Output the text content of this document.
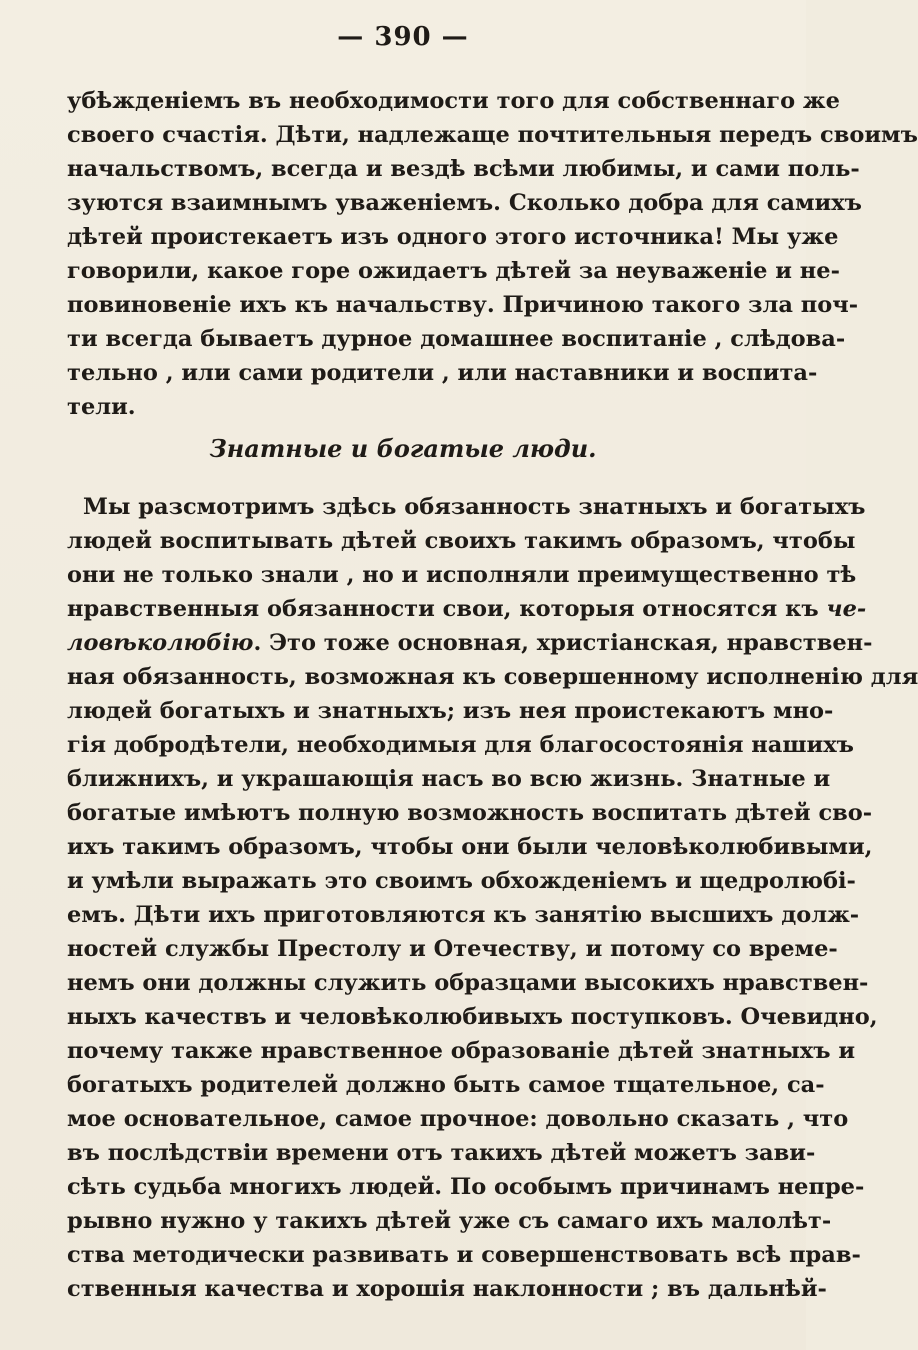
— 390 —
убѣжденіемъ въ необходимости того для собственнаго же
своего счастія. Дѣти, надлежаще почтительныя передъ своимъ
начальствомъ, всегда и вездѣ всѣми любимы, и сами поль-
зуются взаимнымъ уваженіемъ. Сколько добра для самихъ
дѣтей проистекаетъ изъ одного этого источника! Мы уже
говорили, какое горе ожидаетъ дѣтей за неуваженіе и не-
повиновеніе ихъ къ начальству. Причиною такого зла поч-
ти всегда бываетъ дурное домашнее воспитаніе , слѣдова-
тельно , или сами родители , или наставники и воспита-
тели.
Знатные и богатые люди.
Мы разсмотримъ здѣсь обязанность знатныхъ и богатыхъ
людей воспитывать дѣтей своихъ такимъ образомъ, чтобы
они не только знали , но и исполняли преимущественно тѣ
нравственныя обязанности свои, которыя относятся къ че-
ловѣколюбію. Это тоже основная, христіанская, нравствен-
ная обязанность, возможная къ совершенному исполненію для
людей богатыхъ и знатныхъ; изъ нея проистекаютъ мно-
гія добродѣтели, необходимыя для благосостоянія нашихъ
ближнихъ, и украшающія насъ во всю жизнь. Знатные и
богатые имѣютъ полную возможность воспитать дѣтей сво-
ихъ такимъ образомъ, чтобы они были человѣколюбивыми,
и умѣли выражать это своимъ обхожденіемъ и щедролюбі-
емъ. Дѣти ихъ приготовляются къ занятію высшихъ долж-
ностей службы Престолу и Отечеству, и потому со време-
немъ они должны служить образцами высокихъ нравствен-
ныхъ качествъ и человѣколюбивыхъ поступковъ. Очевидно,
почему также нравственное образованіе дѣтей знатныхъ и
богатыхъ родителей должно быть самое тщательное, са-
мое основательное, самое прочное: довольно сказать , что
въ послѣдствіи времени отъ такихъ дѣтей можетъ зави-
сѣть судьба многихъ людей. По особымъ причинамъ непре-
рывно нужно у такихъ дѣтей уже съ самаго ихъ малолѣт-
ства методически развивать и совершенствовать всѣ прав-
ственныя качества и хорошія наклонности ; въ дальнѣй-
